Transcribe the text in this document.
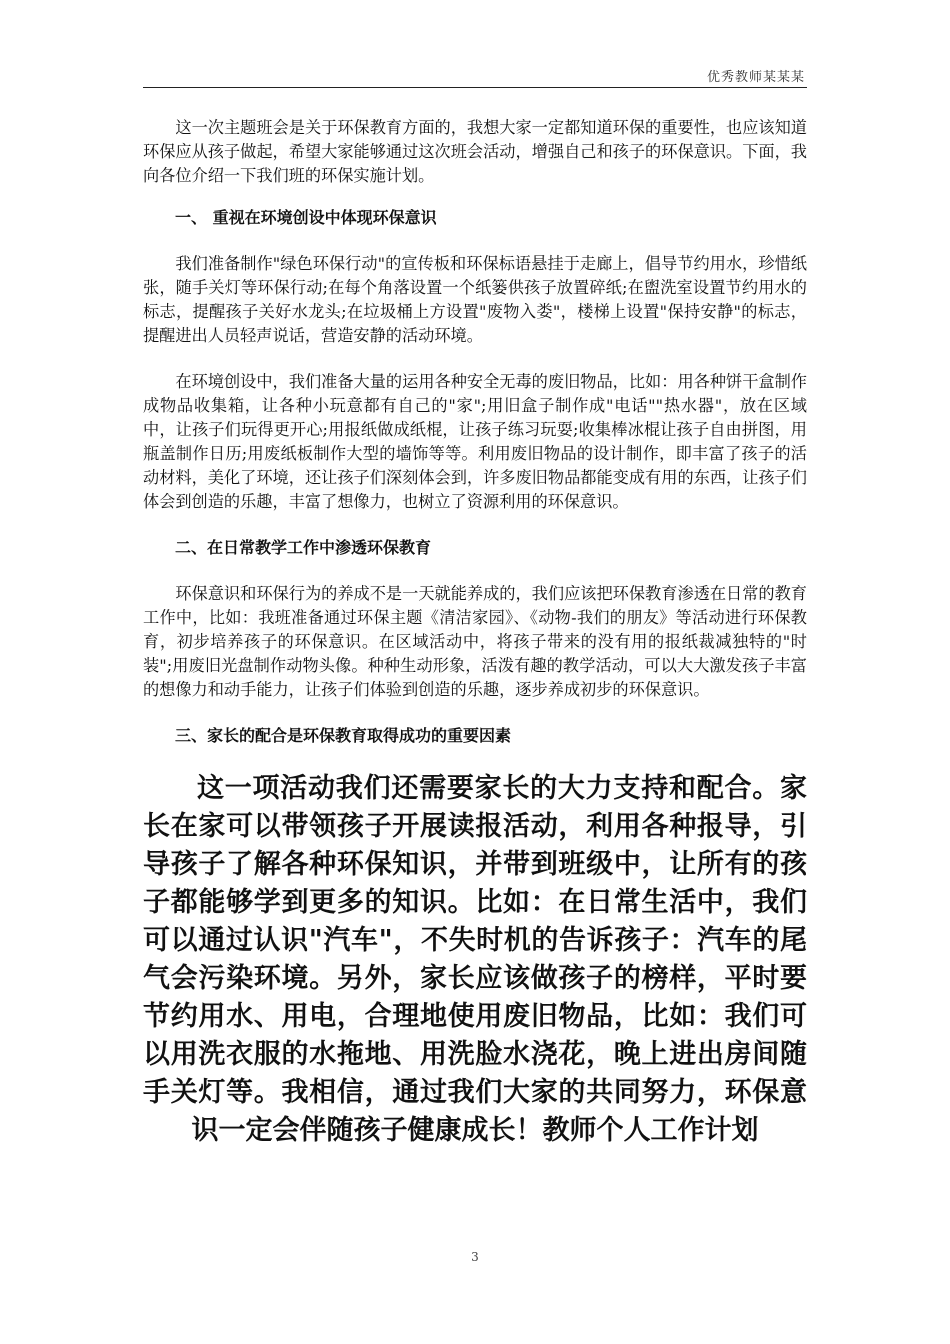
优秀教师某某某

这一次主题班会是关于环保教育方面的，我想大家一定都知道环保的重要性，也应该知道环保应从孩子做起，希望大家能够通过这次班会活动，增强自己和孩子的环保意识。下面，我向各位介绍一下我们班的环保实施计划。

一、 重视在环境创设中体现环保意识

我们准备制作"绿色环保行动"的宣传板和环保标语悬挂于走廊上，倡导节约用水，珍惜纸张，随手关灯等环保行动;在每个角落设置一个纸篓供孩子放置碎纸;在盥洗室设置节约用水的标志，提醒孩子关好水龙头;在垃圾桶上方设置"废物入娄"，楼梯上设置"保持安静"的标志，提醒进出人员轻声说话，营造安静的活动环境。

在环境创设中，我们准备大量的运用各种安全无毒的废旧物品，比如：用各种饼干盒制作成物品收集箱，让各种小玩意都有自己的"家";用旧盒子制作成"电话""热水器"，放在区域中，让孩子们玩得更开心;用报纸做成纸棍，让孩子练习玩耍;收集棒冰棍让孩子自由拼图，用瓶盖制作日历;用废纸板制作大型的墙饰等等。利用废旧物品的设计制作，即丰富了孩子的活动材料，美化了环境，还让孩子们深刻体会到，许多废旧物品都能变成有用的东西，让孩子们体会到创造的乐趣，丰富了想像力，也树立了资源利用的环保意识。

二、在日常教学工作中渗透环保教育

环保意识和环保行为的养成不是一天就能养成的，我们应该把环保教育渗透在日常的教育工作中，比如：我班准备通过环保主题《清洁家园》、《动物-我们的朋友》等活动进行环保教育，初步培养孩子的环保意识。在区域活动中，将孩子带来的没有用的报纸裁减独特的"时装";用废旧光盘制作动物头像。种种生动形象，活泼有趣的教学活动，可以大大激发孩子丰富的想像力和动手能力，让孩子们体验到创造的乐趣，逐步养成初步的环保意识。

三、家长的配合是环保教育取得成功的重要因素

这一项活动我们还需要家长的大力支持和配合。家长在家可以带领孩子开展读报活动，利用各种报导，引导孩子了解各种环保知识，并带到班级中，让所有的孩子都能够学到更多的知识。比如：在日常生活中，我们可以通过认识"汽车"，不失时机的告诉孩子：汽车的尾气会污染环境。另外，家长应该做孩子的榜样，平时要节约用水、用电，合理地使用废旧物品，比如：我们可以用洗衣服的水拖地、用洗脸水浇花，晚上进出房间随手关灯等。我相信，通过我们大家的共同努力，环保意识一定会伴随孩子健康成长！教师个人工作计划

3
